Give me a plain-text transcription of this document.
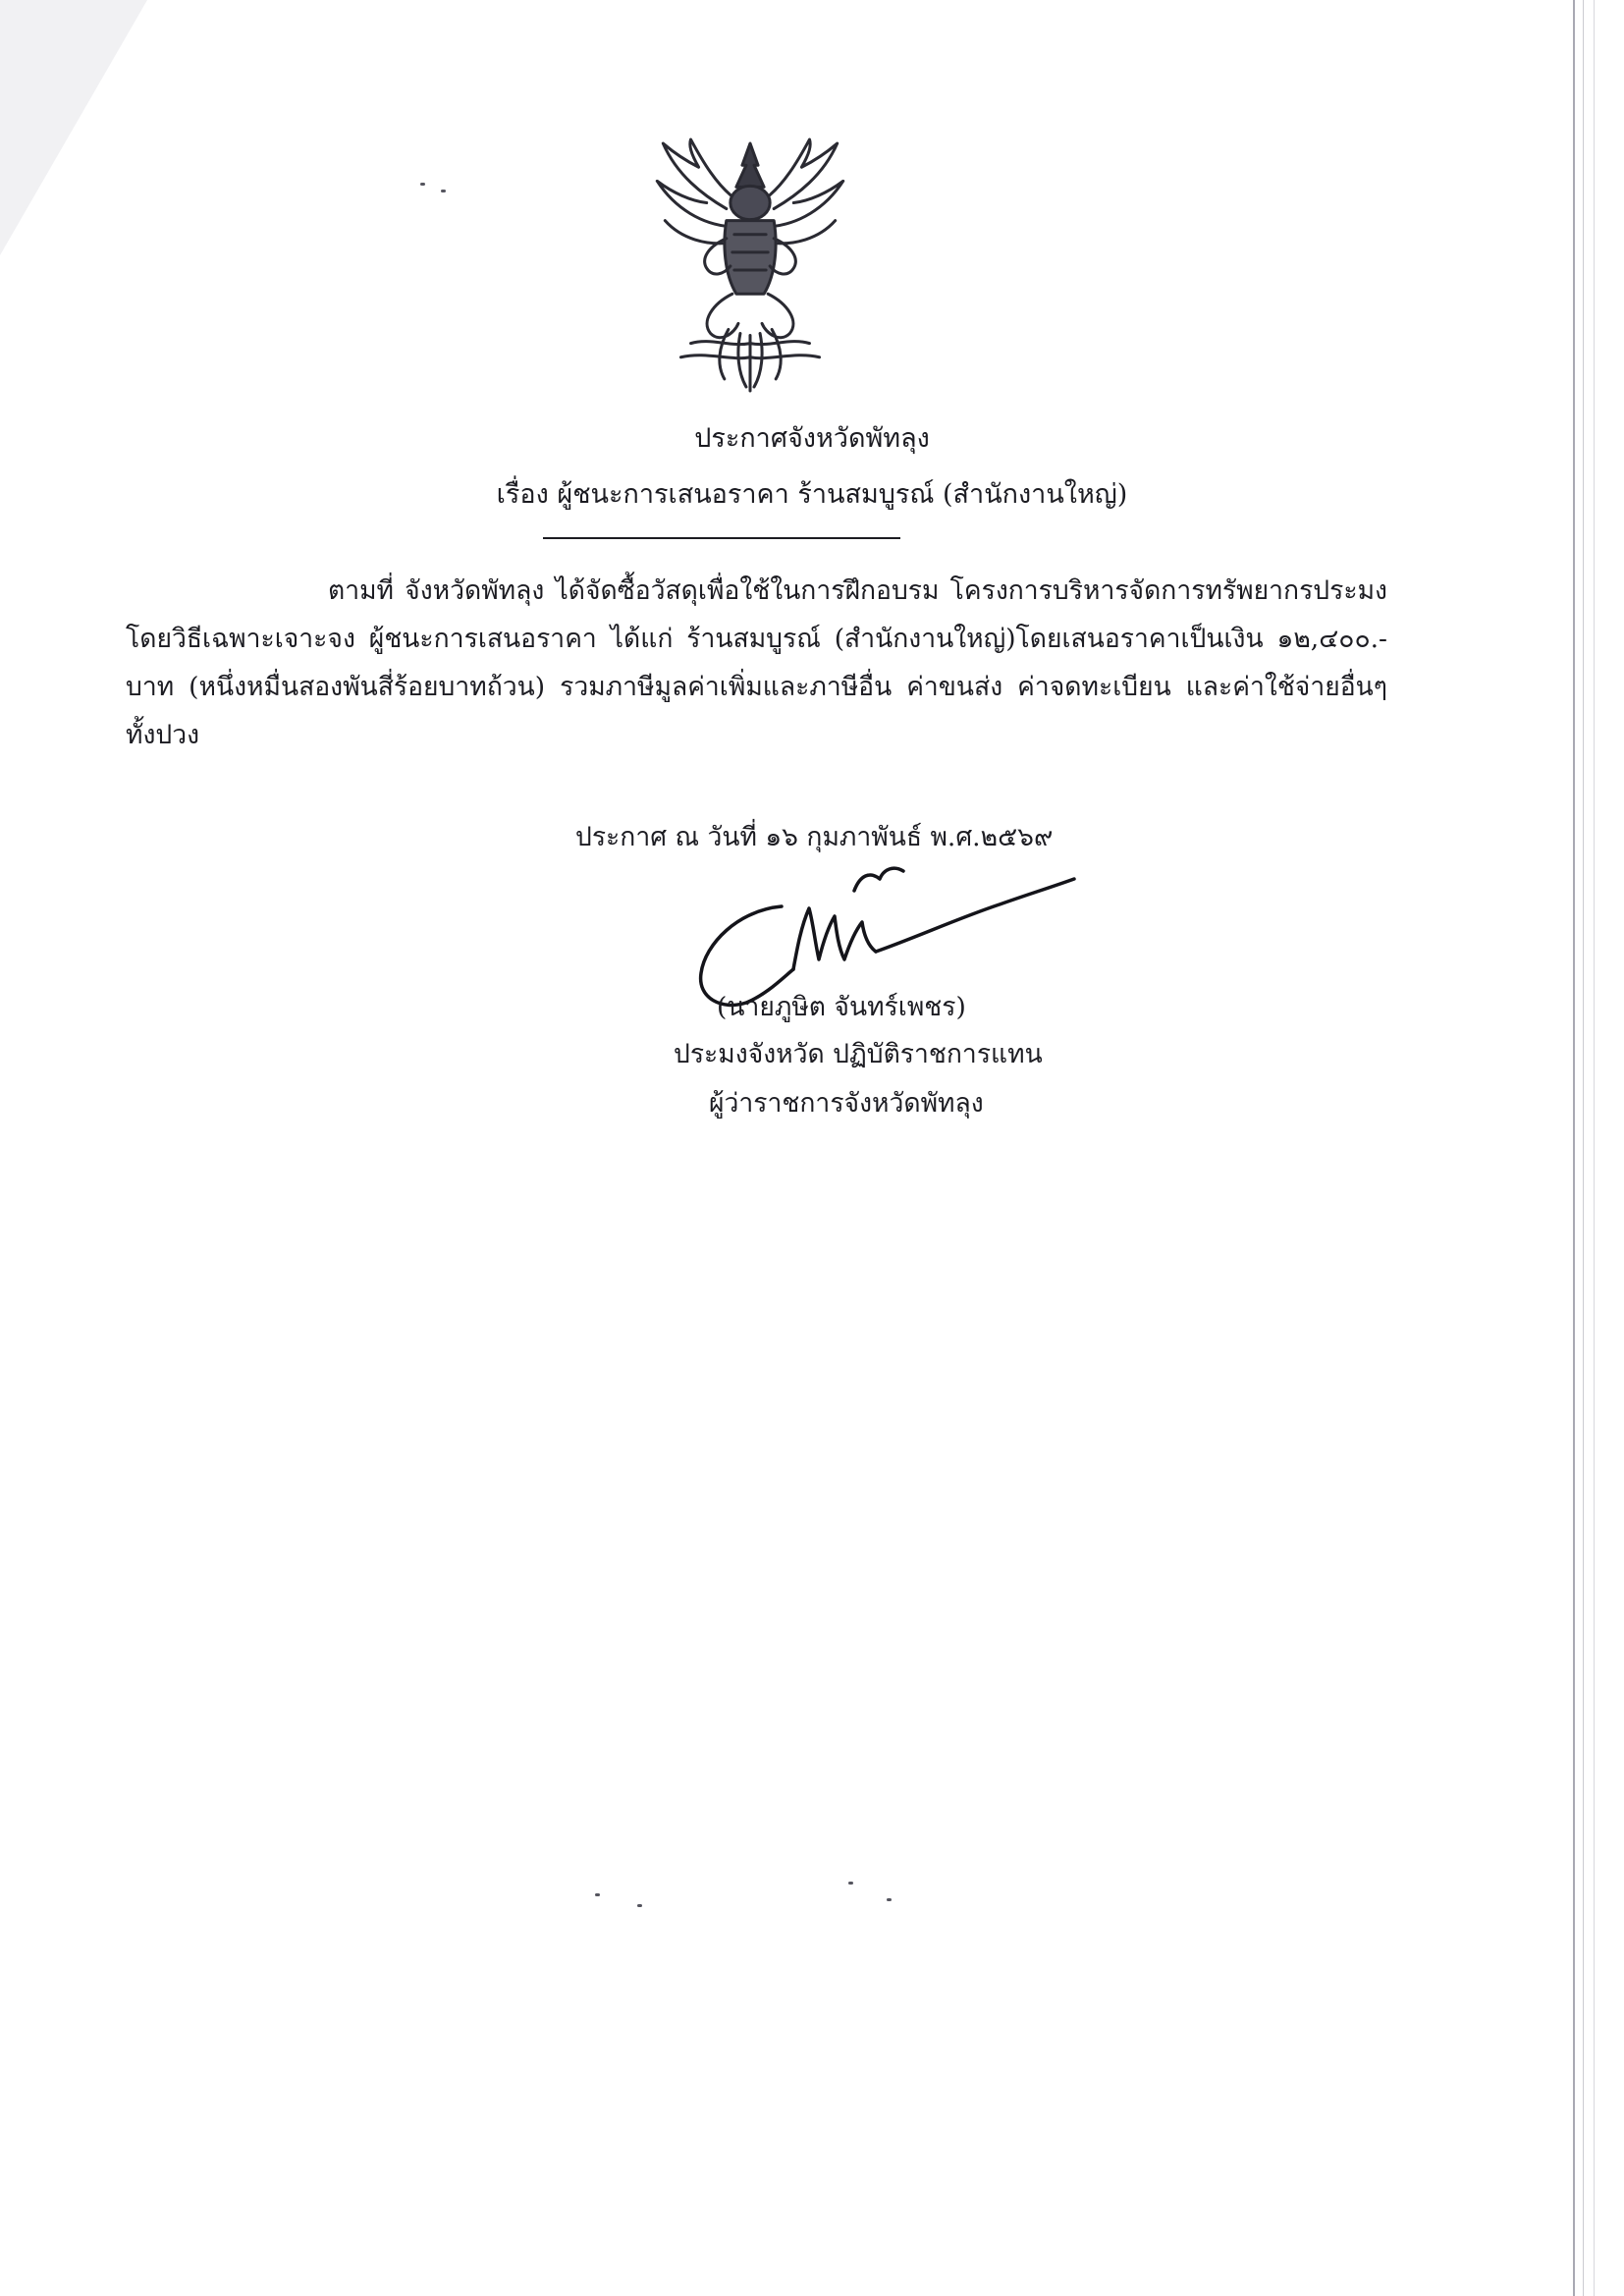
ประกาศจังหวัดพัทลุง
เรื่อง ผู้ชนะการเสนอราคา ร้านสมบูรณ์ (สำนักงานใหญ่)
ตามที่ จังหวัดพัทลุง ได้จัดซื้อวัสดุเพื่อใช้ในการฝึกอบรม โครงการบริหารจัดการทรัพยากรประมง โดยวิธีเฉพาะเจาะจง ผู้ชนะการเสนอราคา ได้แก่ ร้านสมบูรณ์ (สำนักงานใหญ่)โดยเสนอราคาเป็นเงิน ๑๒,๔๐๐.-บาท (หนึ่งหมื่นสองพันสี่ร้อยบาทถ้วน) รวมภาษีมูลค่าเพิ่มและภาษีอื่น ค่าขนส่ง ค่าจดทะเบียน และค่าใช้จ่ายอื่นๆ ทั้งปวง
ประกาศ ณ วันที่ ๑๖ กุมภาพันธ์ พ.ศ.๒๕๖๙
(นายภูษิต จันทร์เพชร)
ประมงจังหวัด ปฏิบัติราชการแทน
ผู้ว่าราชการจังหวัดพัทลุง
